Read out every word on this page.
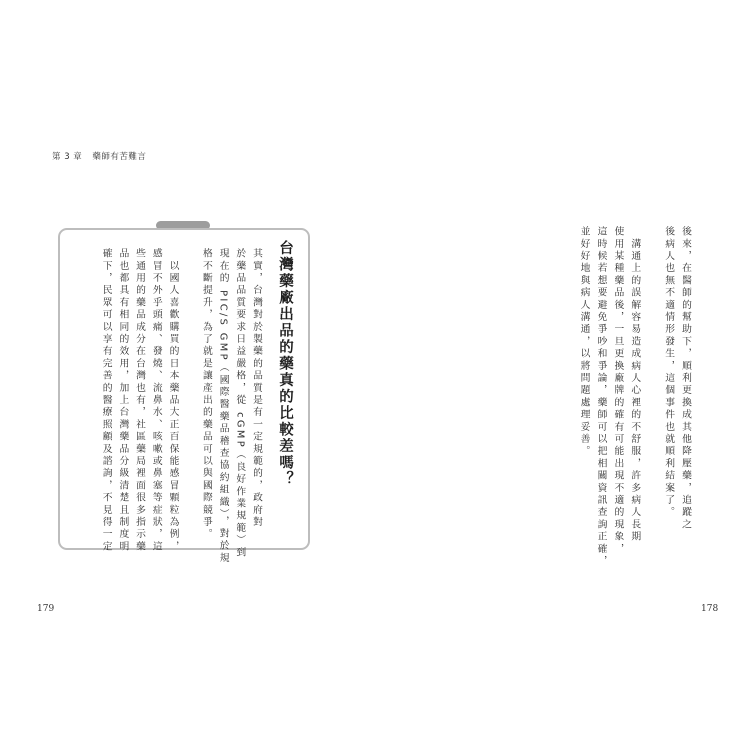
第 3 章 藥師有苦難言
台灣藥廠出品的藥真的比較差嗎？
其實，台灣對於製藥的品質是有一定規範的，政府對
於藥品品質要求日益嚴格，從 cGMP（良好作業規範）到
現在的 PIC/S GMP（國際醫藥品稽查協約組織），對於規
格不斷提升，為了就是讓產出的藥品可以與國際競爭。

　以國人喜歡購買的日本藥品大正百保能感冒顆粒為例，
感冒不外乎頭痛、發燒、流鼻水、咳嗽或鼻塞等症狀，這
些通用的藥品成分在台灣也有，社區藥局裡面很多指示藥
品也都具有相同的效用，加上台灣藥品分級清楚且制度明
確下，民眾可以享有完善的醫療照顧及諮詢，不見得一定	後來，在醫師的幫助下，順利更換成其他降壓藥，追蹤之
後病人也無不適情形發生，這個事件也就順利結案了。

　溝通上的誤解容易造成病人心裡的不舒服，許多病人長期
使用某種藥品後，一旦更換廠牌的確有可能出現不適的現象，
這時候若想要避免爭吵和爭論，藥師可以把相關資訊查詢正確，
並好好地與病人溝通，以將問題處理妥善。
179	178
